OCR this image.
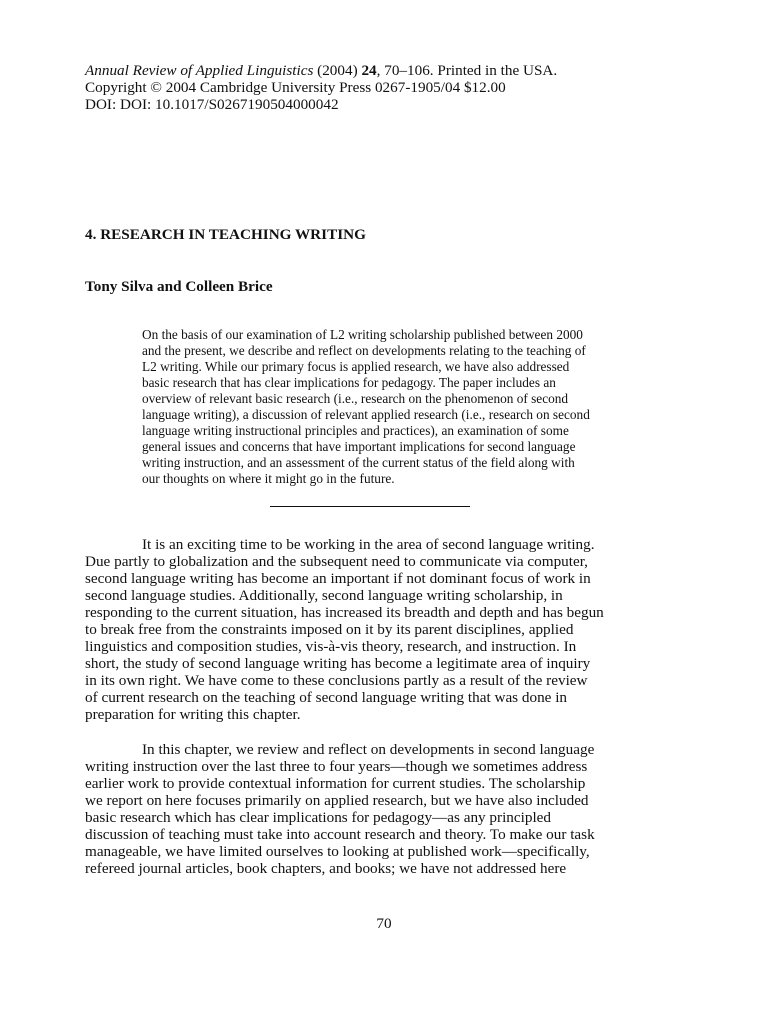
Annual Review of Applied Linguistics (2004) 24, 70–106. Printed in the USA.
Copyright © 2004 Cambridge University Press 0267-1905/04 $12.00
DOI: DOI: 10.1017/S0267190504000042
4. RESEARCH IN TEACHING WRITING
Tony Silva and Colleen Brice
On the basis of our examination of L2 writing scholarship published between 2000
and the present, we describe and reflect on developments relating to the teaching of
L2 writing. While our primary focus is applied research, we have also addressed
basic research that has clear implications for pedagogy. The paper includes an
overview of relevant basic research (i.e., research on the phenomenon of second
language writing), a discussion of relevant applied research (i.e., research on second
language writing instructional principles and practices), an examination of some
general issues and concerns that have important implications for second language
writing instruction, and an assessment of the current status of the field along with
our thoughts on where it might go in the future.
It is an exciting time to be working in the area of second language writing.
Due partly to globalization and the subsequent need to communicate via computer,
second language writing has become an important if not dominant focus of work in
second language studies. Additionally, second language writing scholarship, in
responding to the current situation, has increased its breadth and depth and has begun
to break free from the constraints imposed on it by its parent disciplines, applied
linguistics and composition studies, vis-à-vis theory, research, and instruction. In
short, the study of second language writing has become a legitimate area of inquiry
in its own right. We have come to these conclusions partly as a result of the review
of current research on the teaching of second language writing that was done in
preparation for writing this chapter.
In this chapter, we review and reflect on developments in second language
writing instruction over the last three to four years—though we sometimes address
earlier work to provide contextual information for current studies. The scholarship
we report on here focuses primarily on applied research, but we have also included
basic research which has clear implications for pedagogy—as any principled
discussion of teaching must take into account research and theory. To make our task
manageable, we have limited ourselves to looking at published work—specifically,
refereed journal articles, book chapters, and books; we have not addressed here
70
